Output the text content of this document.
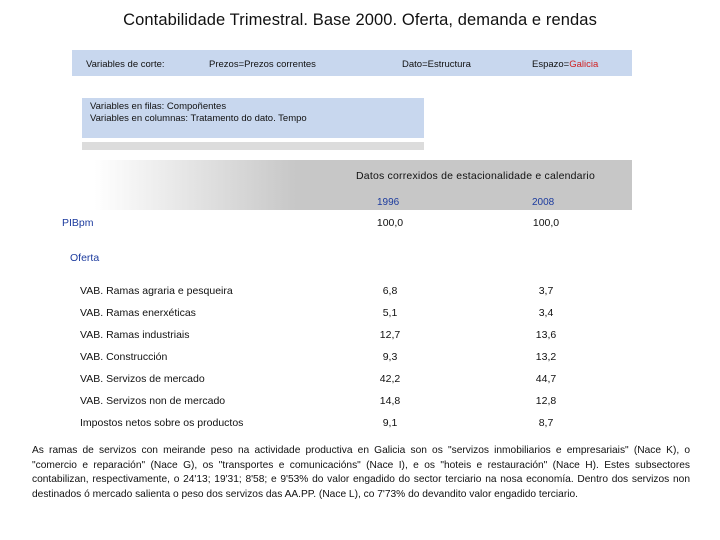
Contabilidade Trimestral. Base 2000. Oferta, demanda e rendas
Variables de corte:	Prezos=Prezos correntes	Dato=Estructura	Espazo=Galicia
Variables en filas: Compoñentes
Variables en columnas: Tratamento do dato. Tempo
Datos correxidos de estacionalidade e calendario
1996	2008
PIBpm	100,0	100,0
Oferta
VAB. Ramas agraria e pesqueira	6,8	3,7
VAB. Ramas enerxéticas	5,1	3,4
VAB. Ramas industriais	12,7	13,6
VAB. Construcción	9,3	13,2
VAB. Servizos de mercado	42,2	44,7
VAB. Servizos non de mercado	14,8	12,8
Impostos netos sobre os productos	9,1	8,7
As ramas de servizos con meirande peso na actividade productiva en Galicia son os "servizos inmobiliarios e empresariais" (Nace K), o "comercio e reparación" (Nace G), os "transportes e comunicacións" (Nace I), e os "hoteis e restauración" (Nace H). Estes subsectores contabilizan, respectivamente, o 24'13; 19'31; 8'58; e 9'53% do valor engadido do sector terciario na nosa economía. Dentro dos servizos non destinados ó mercado salienta o peso dos servizos das AA.PP. (Nace L), co 7'73% do devandito valor engadido terciario.
